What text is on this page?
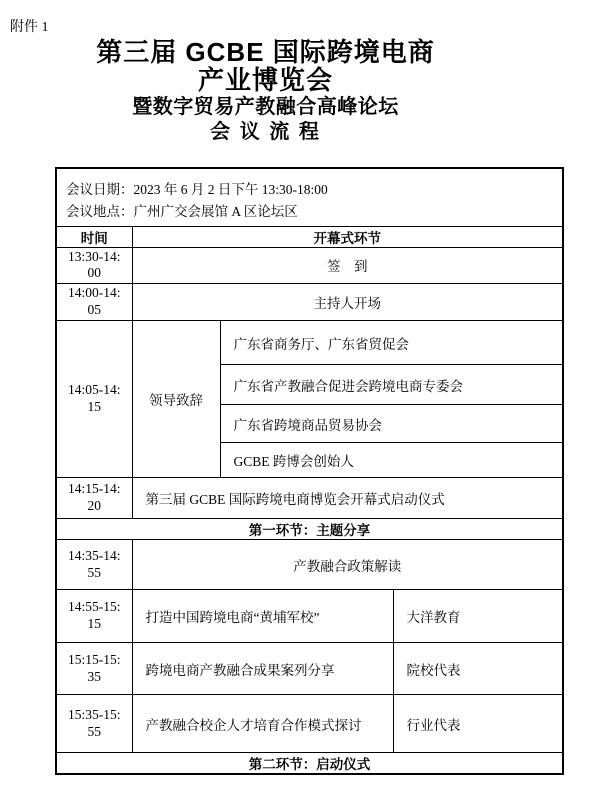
附件 1
第三届 GCBE 国际跨境电商
产业博览会
暨数字贸易产教融合高峰论坛
会 议 流 程
会议日期：2023 年 6 月 2 日下午 13:30-18:00
会议地点：广州广交会展馆 A 区论坛区			

时间	开幕式环节		
13:30-14:00	签　到		
14:00-14:05	主持人开场		
14:05-14:15	领导致辞	广东省商务厅、广东省贸促会	
		广东省产教融合促进会跨境电商专委会	
		广东省跨境商品贸易协会	
		GCBE 跨博会创始人	
14:15-14:20	第三届 GCBE 国际跨境电商博览会开幕式启动仪式		
第一环节：主题分享			
14:35-14:55	产教融合政策解读		
14:55-15:15	打造中国跨境电商“黄埔军校”		大洋教育
15:15-15:35	跨境电商产教融合成果案列分享		院校代表
15:35-15:55	产教融合校企人才培育合作模式探讨		行业代表
第二环节：启动仪式			
